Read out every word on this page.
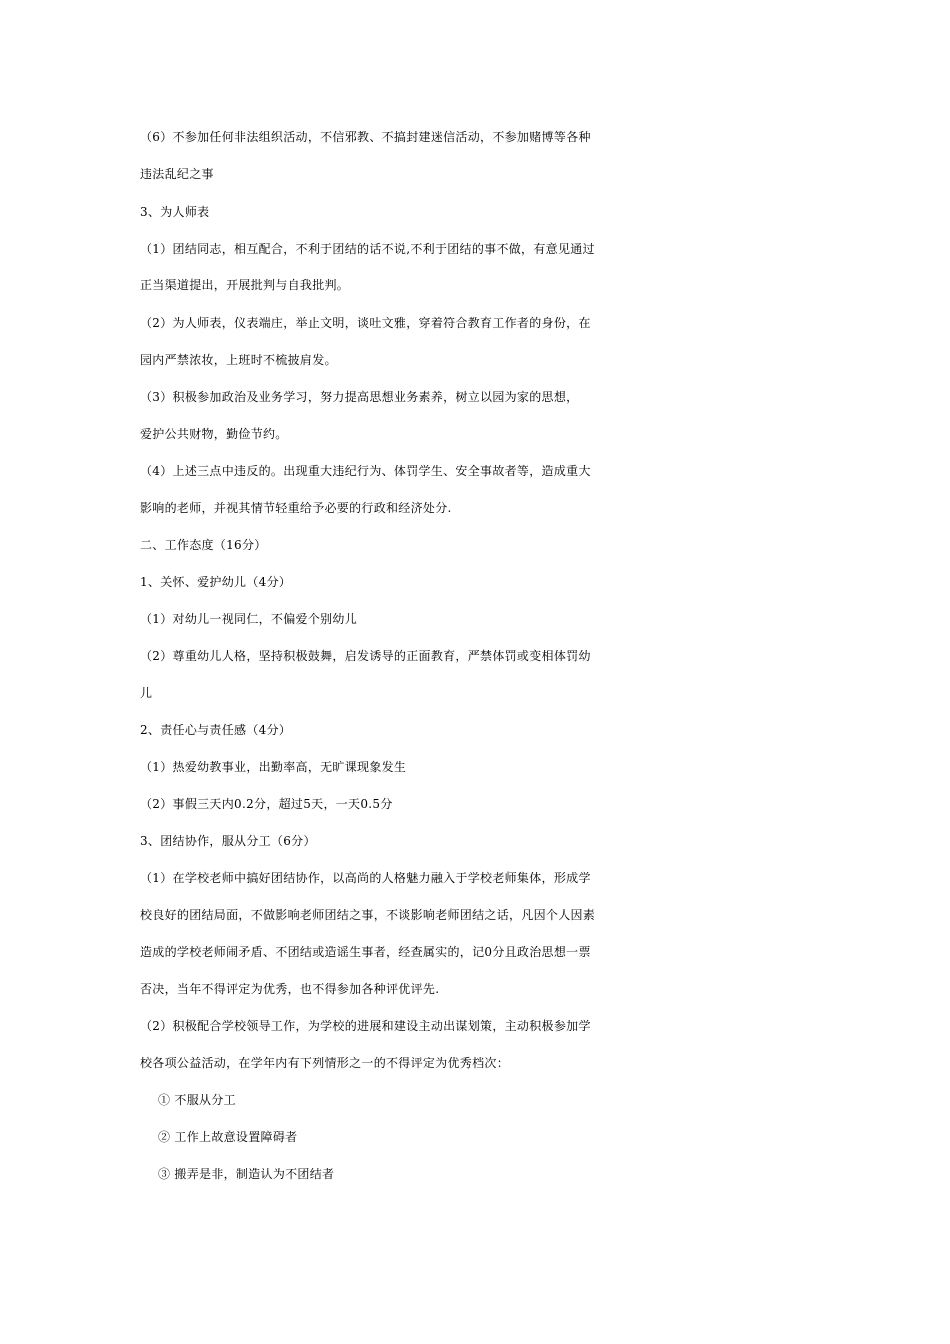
（6）不参加任何非法组织活动，不信邪教、不搞封建迷信活动，不参加赌博等各种
违法乱纪之事
3、为人师表
（1）团结同志，相互配合，不利于团结的话不说,不利于团结的事不做，有意见通过
正当渠道提出，开展批判与自我批判。
（2）为人师表，仪表端庄，举止文明，谈吐文雅，穿着符合教育工作者的身份，在
园内严禁浓妆，上班时不梳披肩发。
（3）积极参加政治及业务学习，努力提高思想业务素养，树立以园为家的思想，
爱护公共财物，勤俭节约。
（4）上述三点中违反的。出现重大违纪行为、体罚学生、安全事故者等，造成重大
影响的老师，并视其情节轻重给予必要的行政和经济处分.
二、工作态度（16分）
1、关怀、爱护幼儿（4分）
（1）对幼儿一视同仁，不偏爱个别幼儿
（2）尊重幼儿人格，坚持积极鼓舞，启发诱导的正面教育，严禁体罚或变相体罚幼
儿
2、责任心与责任感（4分）
（1）热爱幼教事业，出勤率高，无旷课现象发生
（2）事假三天内0.2分，超过5天，一天0.5分
3、团结协作，服从分工（6分）
（1）在学校老师中搞好团结协作，以高尚的人格魅力融入于学校老师集体，形成学
校良好的团结局面，不做影响老师团结之事，不谈影响老师团结之话，凡因个人因素
造成的学校老师闹矛盾、不团结或造谣生事者，经查属实的，记0分且政治思想一票
否决，当年不得评定为优秀，也不得参加各种评优评先.
（2）积极配合学校领导工作，为学校的进展和建设主动出谋划策，主动积极参加学
校各项公益活动，在学年内有下列情形之一的不得评定为优秀档次：
① 不服从分工
② 工作上故意设置障碍者
③ 搬弄是非，制造认为不团结者
